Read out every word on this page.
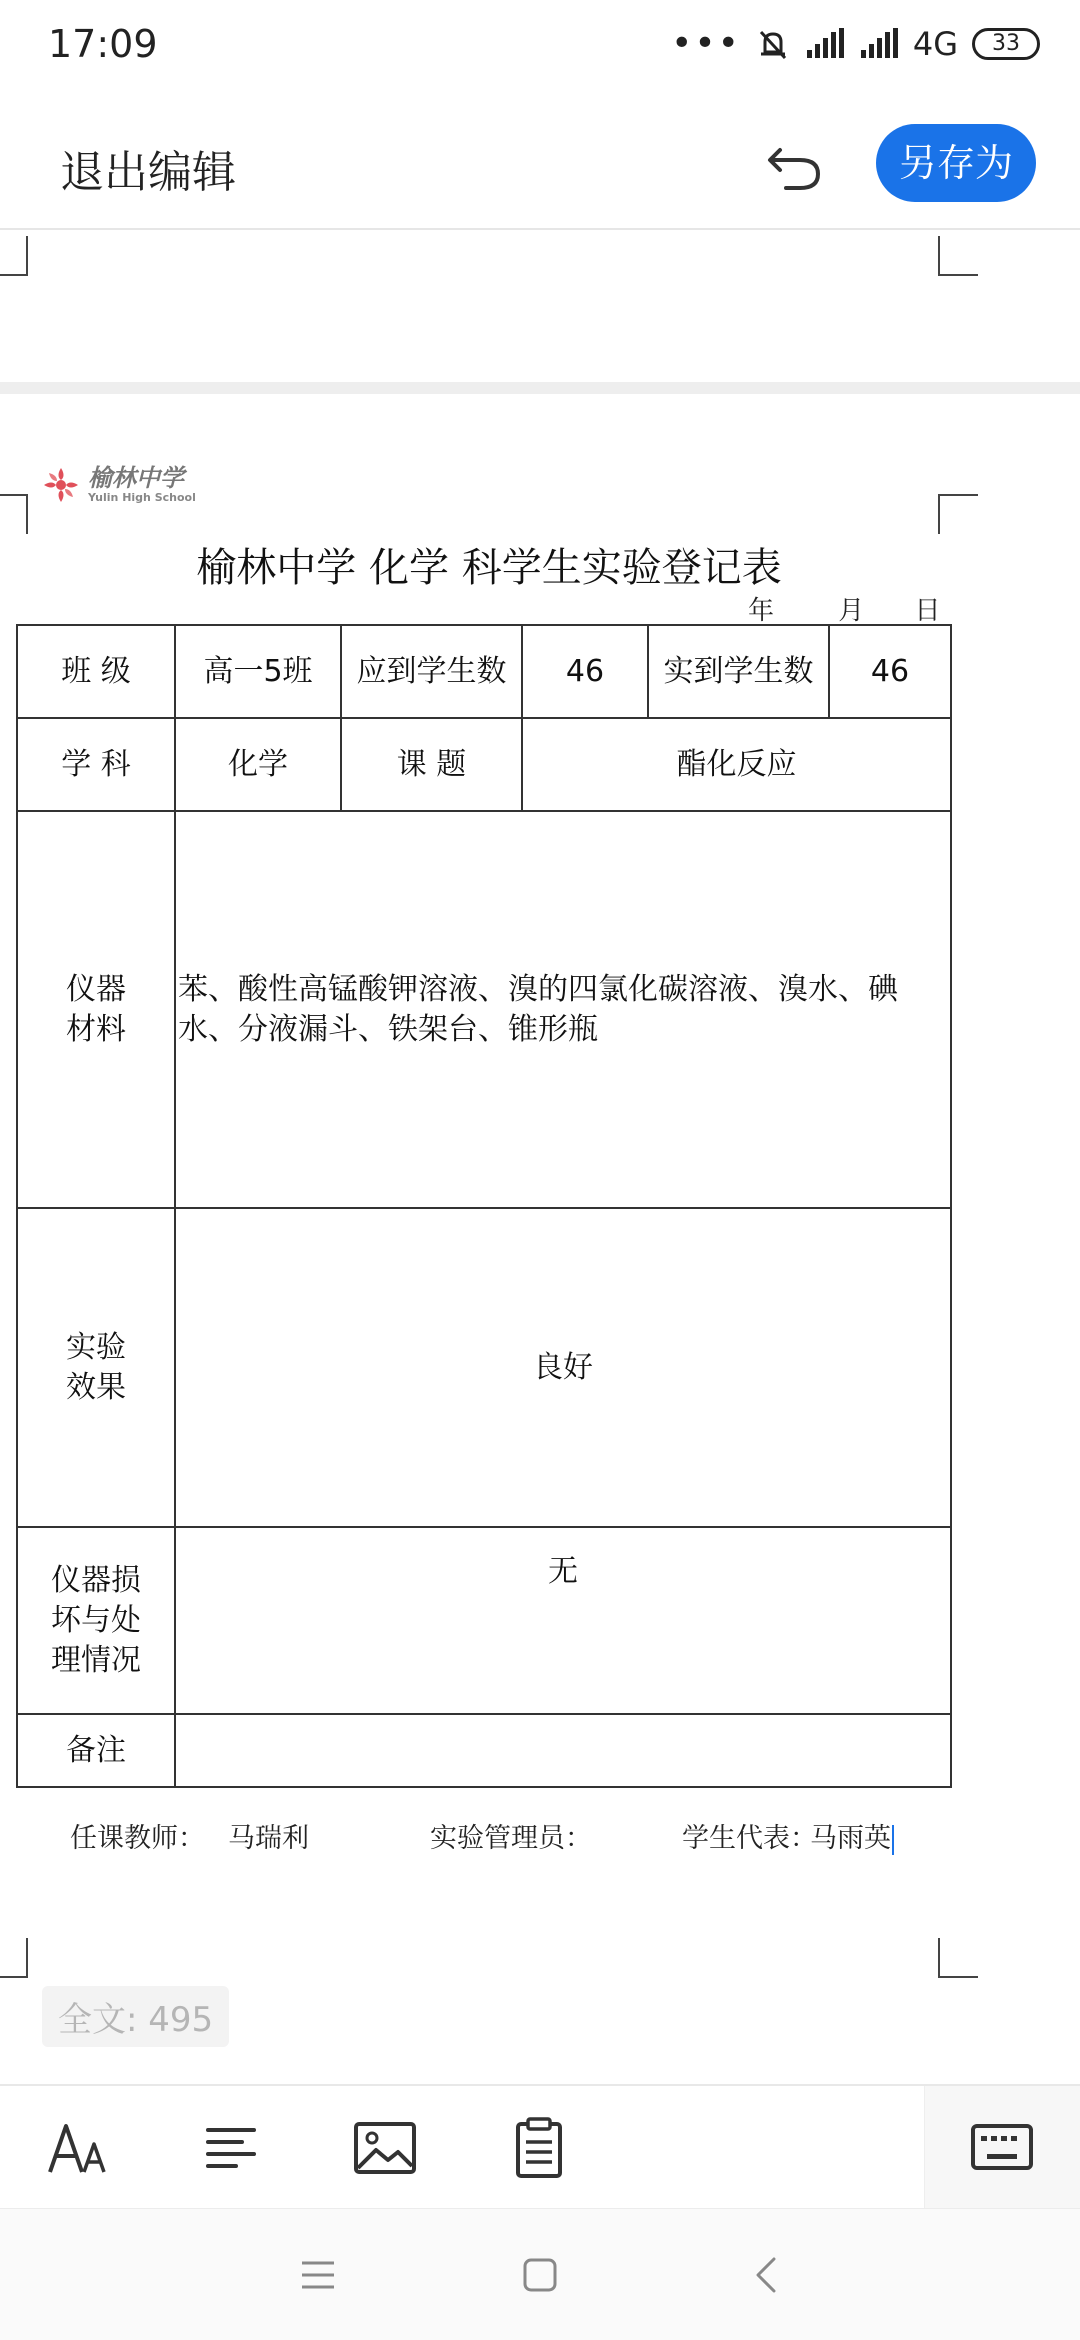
17:09	•••	4G	33
退出编辑	另存为
榆林中学
Yulin High School
榆林中学 化学 科学生实验登记表
年 月 日
班 级	高一5班	应到学生数	46	实到学生数	46
学 科	化学	课 题	酯化反应		

仪器
材料	苯、酸性高锰酸钾溶液、溴的四氯化碳溶液、溴水、碘水、分液漏斗、铁架台、锥形瓶				

实验
效果	良好				

仪器损
坏与处
理情况	无				
备注					
任课教师： 马瑞利	实验管理员：	学生代表：
马雨英
全文: 495
